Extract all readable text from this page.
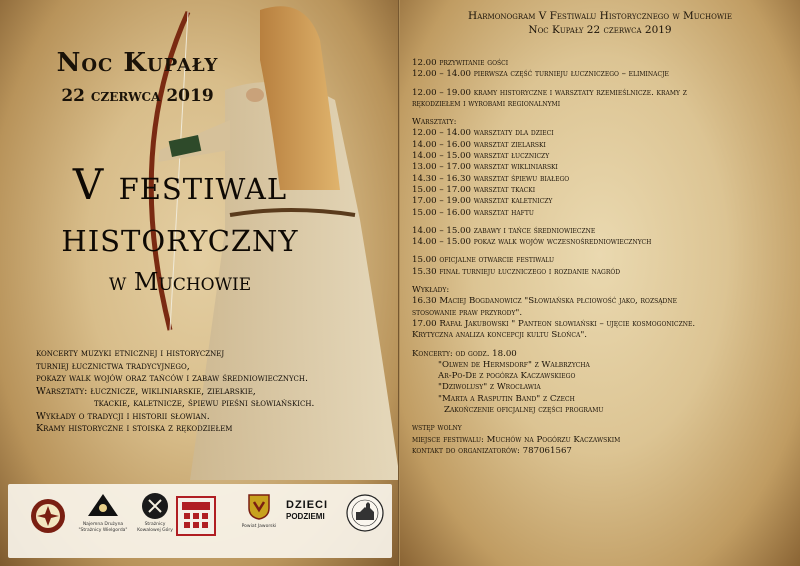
Noc Kupały
22 czerwca 2019
V festiwal
historyczny
w Muchowie
koncerty muzyki etnicznej i historycznej
turniej łucznictwa tradycyjnego,
pokazy walk wojów oraz tańców i zabaw średniowiecznych.
Warsztaty: łucznicze, wikliniarskie, zielarskie,
tkackie, kaletnicze, śpiewu pieśni słowiańskich.
Wykłady o tradycji i historii słowian.
Kramy historyczne i stoiska z rękodziełem
Najemna Drużyna
"Strażnicy Wielgorda"
Strażnicy
Kowalowej Góry
Powiat Jaworski
DZIECI
PODZIEMI
Harmonogram V Festiwalu Historycznego w Muchowie
Noc Kupały 22 czerwca 2019
12.00 przywitanie gości
12.00 – 14.00 pierwsza część turnieju łuczniczego – eliminacje
12.00 – 19.00 kramy historyczne i warsztaty rzemieślnicze. kramy z
rękodziełem i wyrobami regionalnymi
Warsztaty:
12.00 – 14.00 warsztaty dla dzieci
14.00 – 16.00 warsztat zielarski
14.00 – 15.00 warsztat łuczniczy
13.00 – 17.00 warsztat wikliniarski
14.30 – 16.30 warsztat śpiewu białego
15.00 – 17.00 warsztat tkacki
17.00 – 19.00 warsztat kaletniczy
15.00 – 16.00 warsztat haftu
14.00 – 15.00 zabawy i tańce średniowieczne
14.00 – 15.00 pokaz walk wojów wczesnośredniowiecznych
15.00 oficjalne otwarcie festiwalu
15.30 finał turnieju łuczniczego i rozdanie nagród
Wykłady:
16.30 Maciej Bogdanowicz "Słowiańska płciowość jako, rozsądne
stosowanie praw przyrody".
17.00 Rafał Jakubowski " Panteon słowiański – ujęcie kosmogoniczne.
Krytyczna analiza koncepcji kultu Słońca".
Koncerty: od godz. 18.00
"Olwen de Hermsdorf" z Wałbrzycha
Ar-Po-De z pogórza Kaczawskiego
"Dziwolusy" z Wrocławia
"Marta a Rasputin Band" z Czech
Zakończenie oficjalnej części programu
wstęp wolny
miejsce festiwalu: Muchów na Pogórzu Kaczawskim
kontakt do organizatorów: 787061567
